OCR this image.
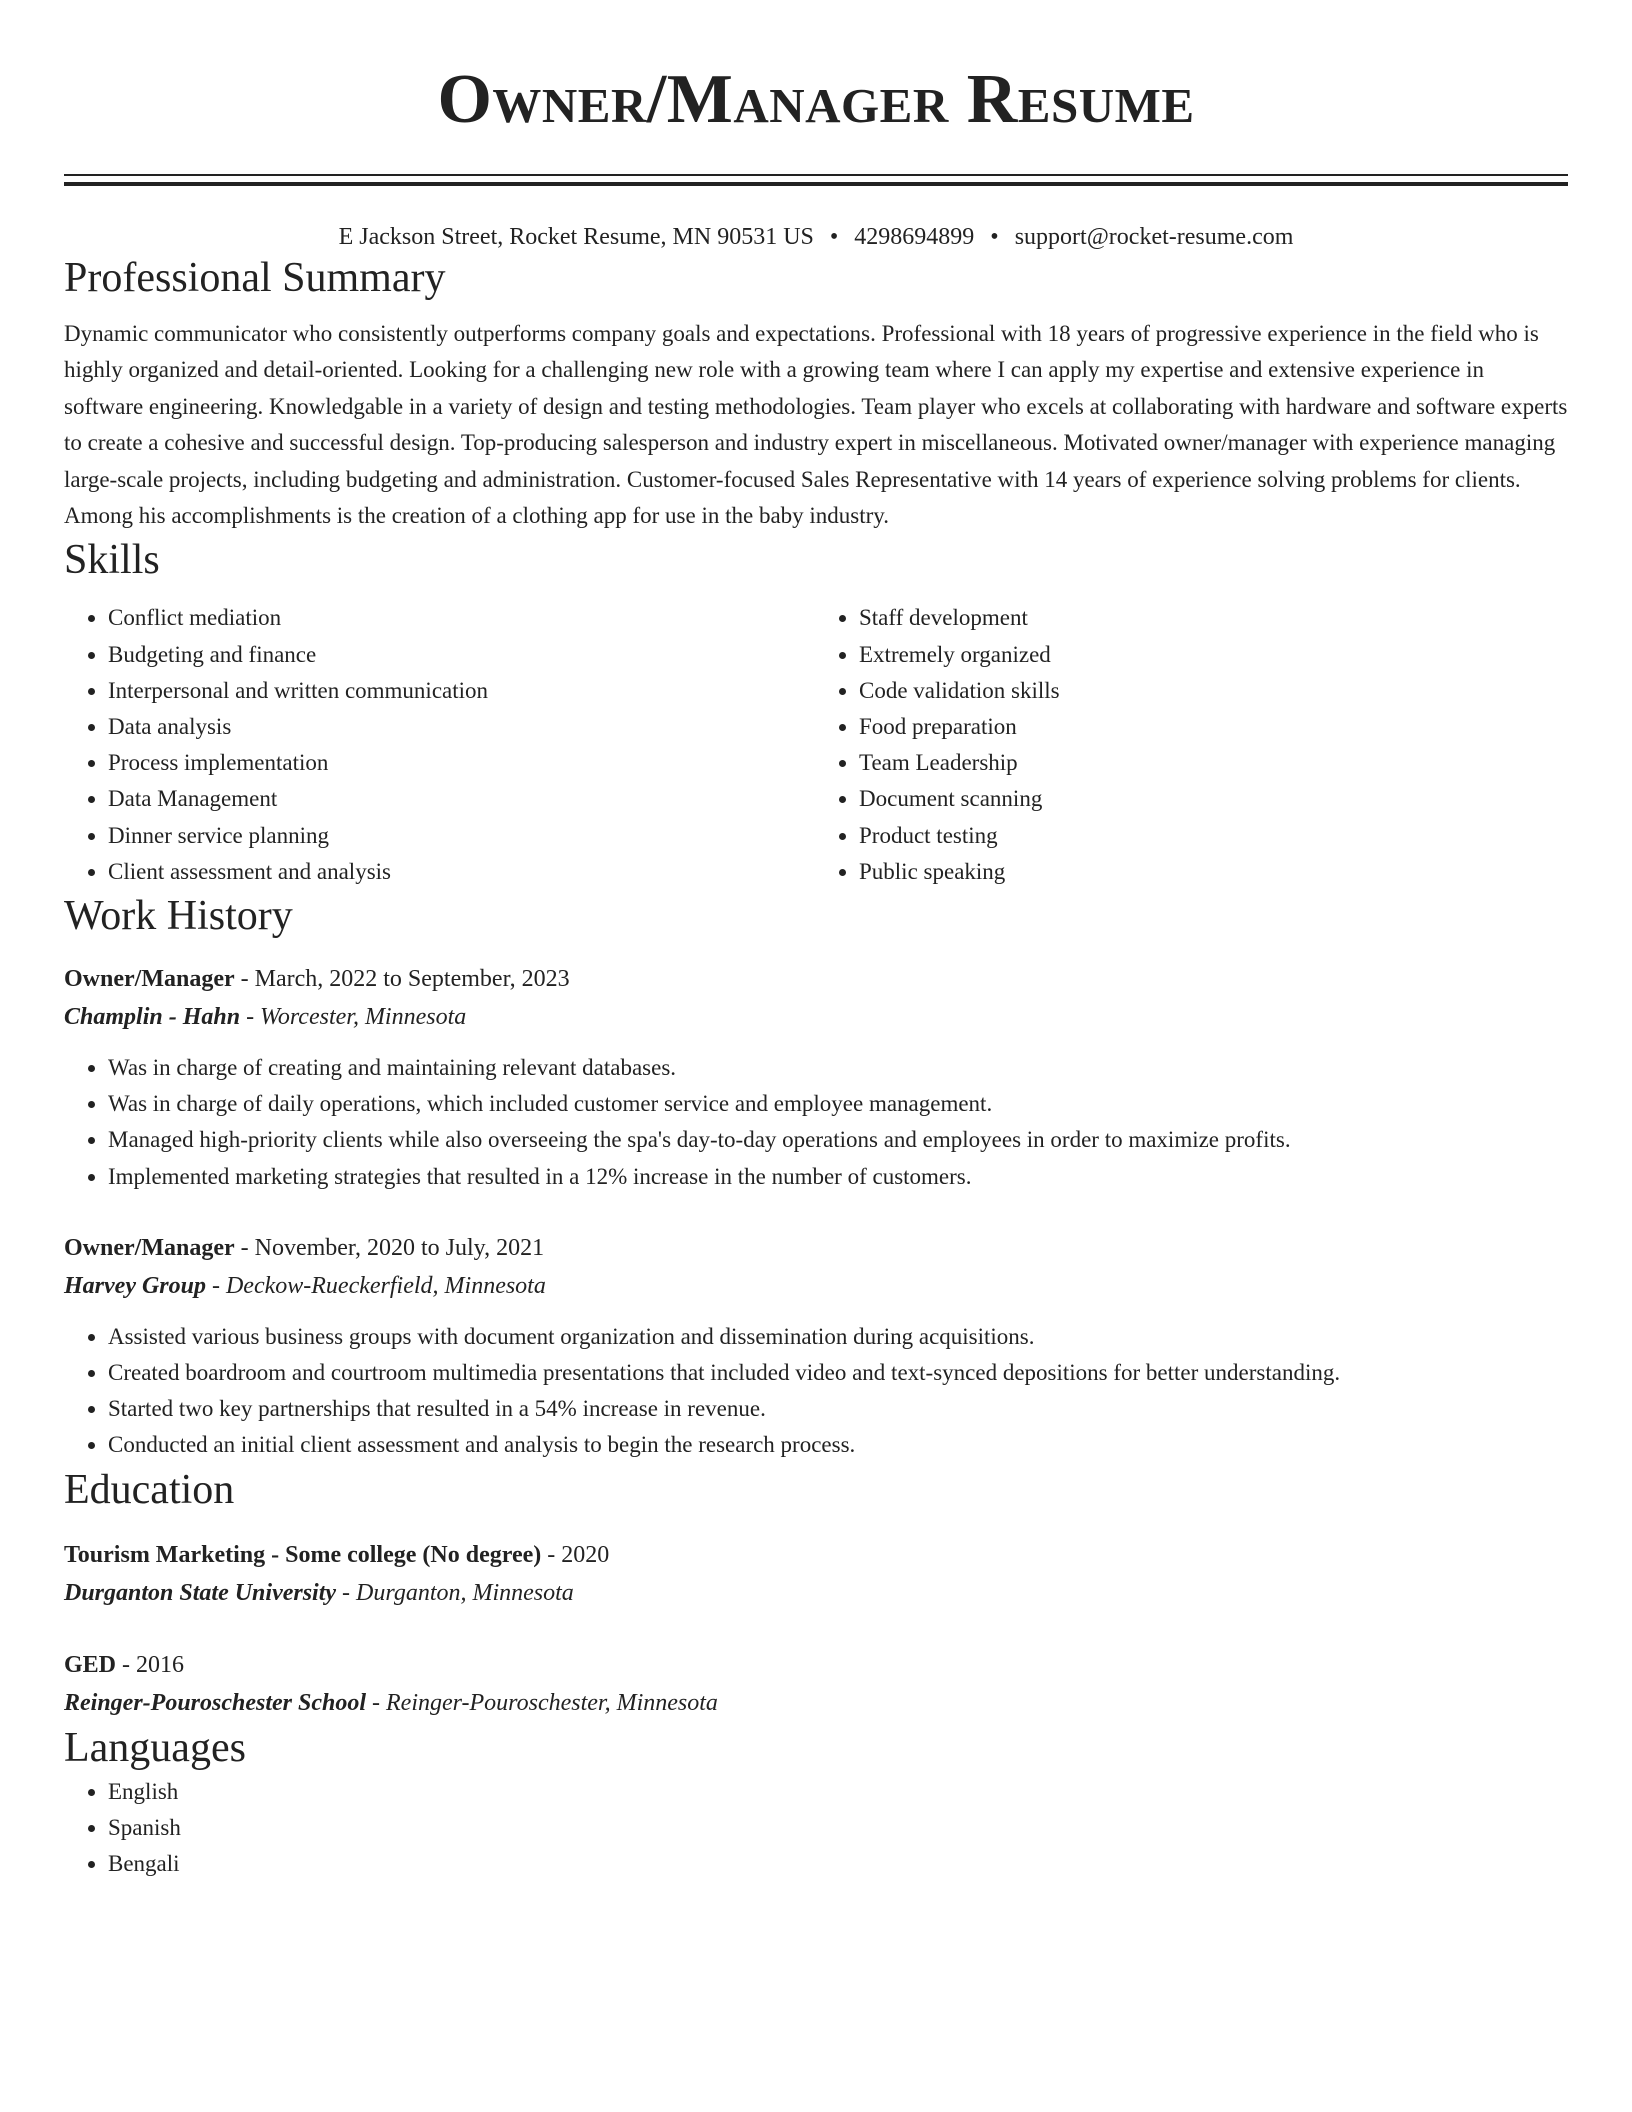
Owner/Manager Resume
E Jackson Street, Rocket Resume, MN 90531 US • 4298694899 • support@rocket-resume.com
Professional Summary

Dynamic communicator who consistently outperforms company goals and expectations. Professional with 18 years of progressive experience in the field who is highly organized and detail-oriented. Looking for a challenging new role with a growing team where I can apply my expertise and extensive experience in software engineering. Knowledgable in a variety of design and testing methodologies. Team player who excels at collaborating with hardware and software experts to create a cohesive and successful design. Top-producing salesperson and industry expert in miscellaneous. Motivated owner/manager with experience managing large-scale projects, including budgeting and administration. Customer-focused Sales Representative with 14 years of experience solving problems for clients. Among his accomplishments is the creation of a clothing app for use in the baby industry.

Skills
• Conflict mediation
• Budgeting and finance
• Interpersonal and written communication
• Data analysis
• Process implementation
• Data Management
• Dinner service planning
• Client assessment and analysis
• Staff development
• Extremely organized
• Code validation skills
• Food preparation
• Team Leadership
• Document scanning
• Product testing
• Public speaking
Work History
Owner/Manager - March, 2022 to September, 2023
Champlin - Hahn - Worcester, Minnesota
• Was in charge of creating and maintaining relevant databases.
• Was in charge of daily operations, which included customer service and employee management.
• Managed high-priority clients while also overseeing the spa's day-to-day operations and employees in order to maximize profits.
• Implemented marketing strategies that resulted in a 12% increase in the number of customers.
Owner/Manager - November, 2020 to July, 2021
Harvey Group - Deckow-Rueckerfield, Minnesota
• Assisted various business groups with document organization and dissemination during acquisitions.
• Created boardroom and courtroom multimedia presentations that included video and text-synced depositions for better understanding.
• Started two key partnerships that resulted in a 54% increase in revenue.
• Conducted an initial client assessment and analysis to begin the research process.
Education
Tourism Marketing - Some college (No degree) - 2020
Durganton State University - Durganton, Minnesota
GED - 2016
Reinger-Pouroschester School - Reinger-Pouroschester, Minnesota
Languages
• English
• Spanish
• Bengali
